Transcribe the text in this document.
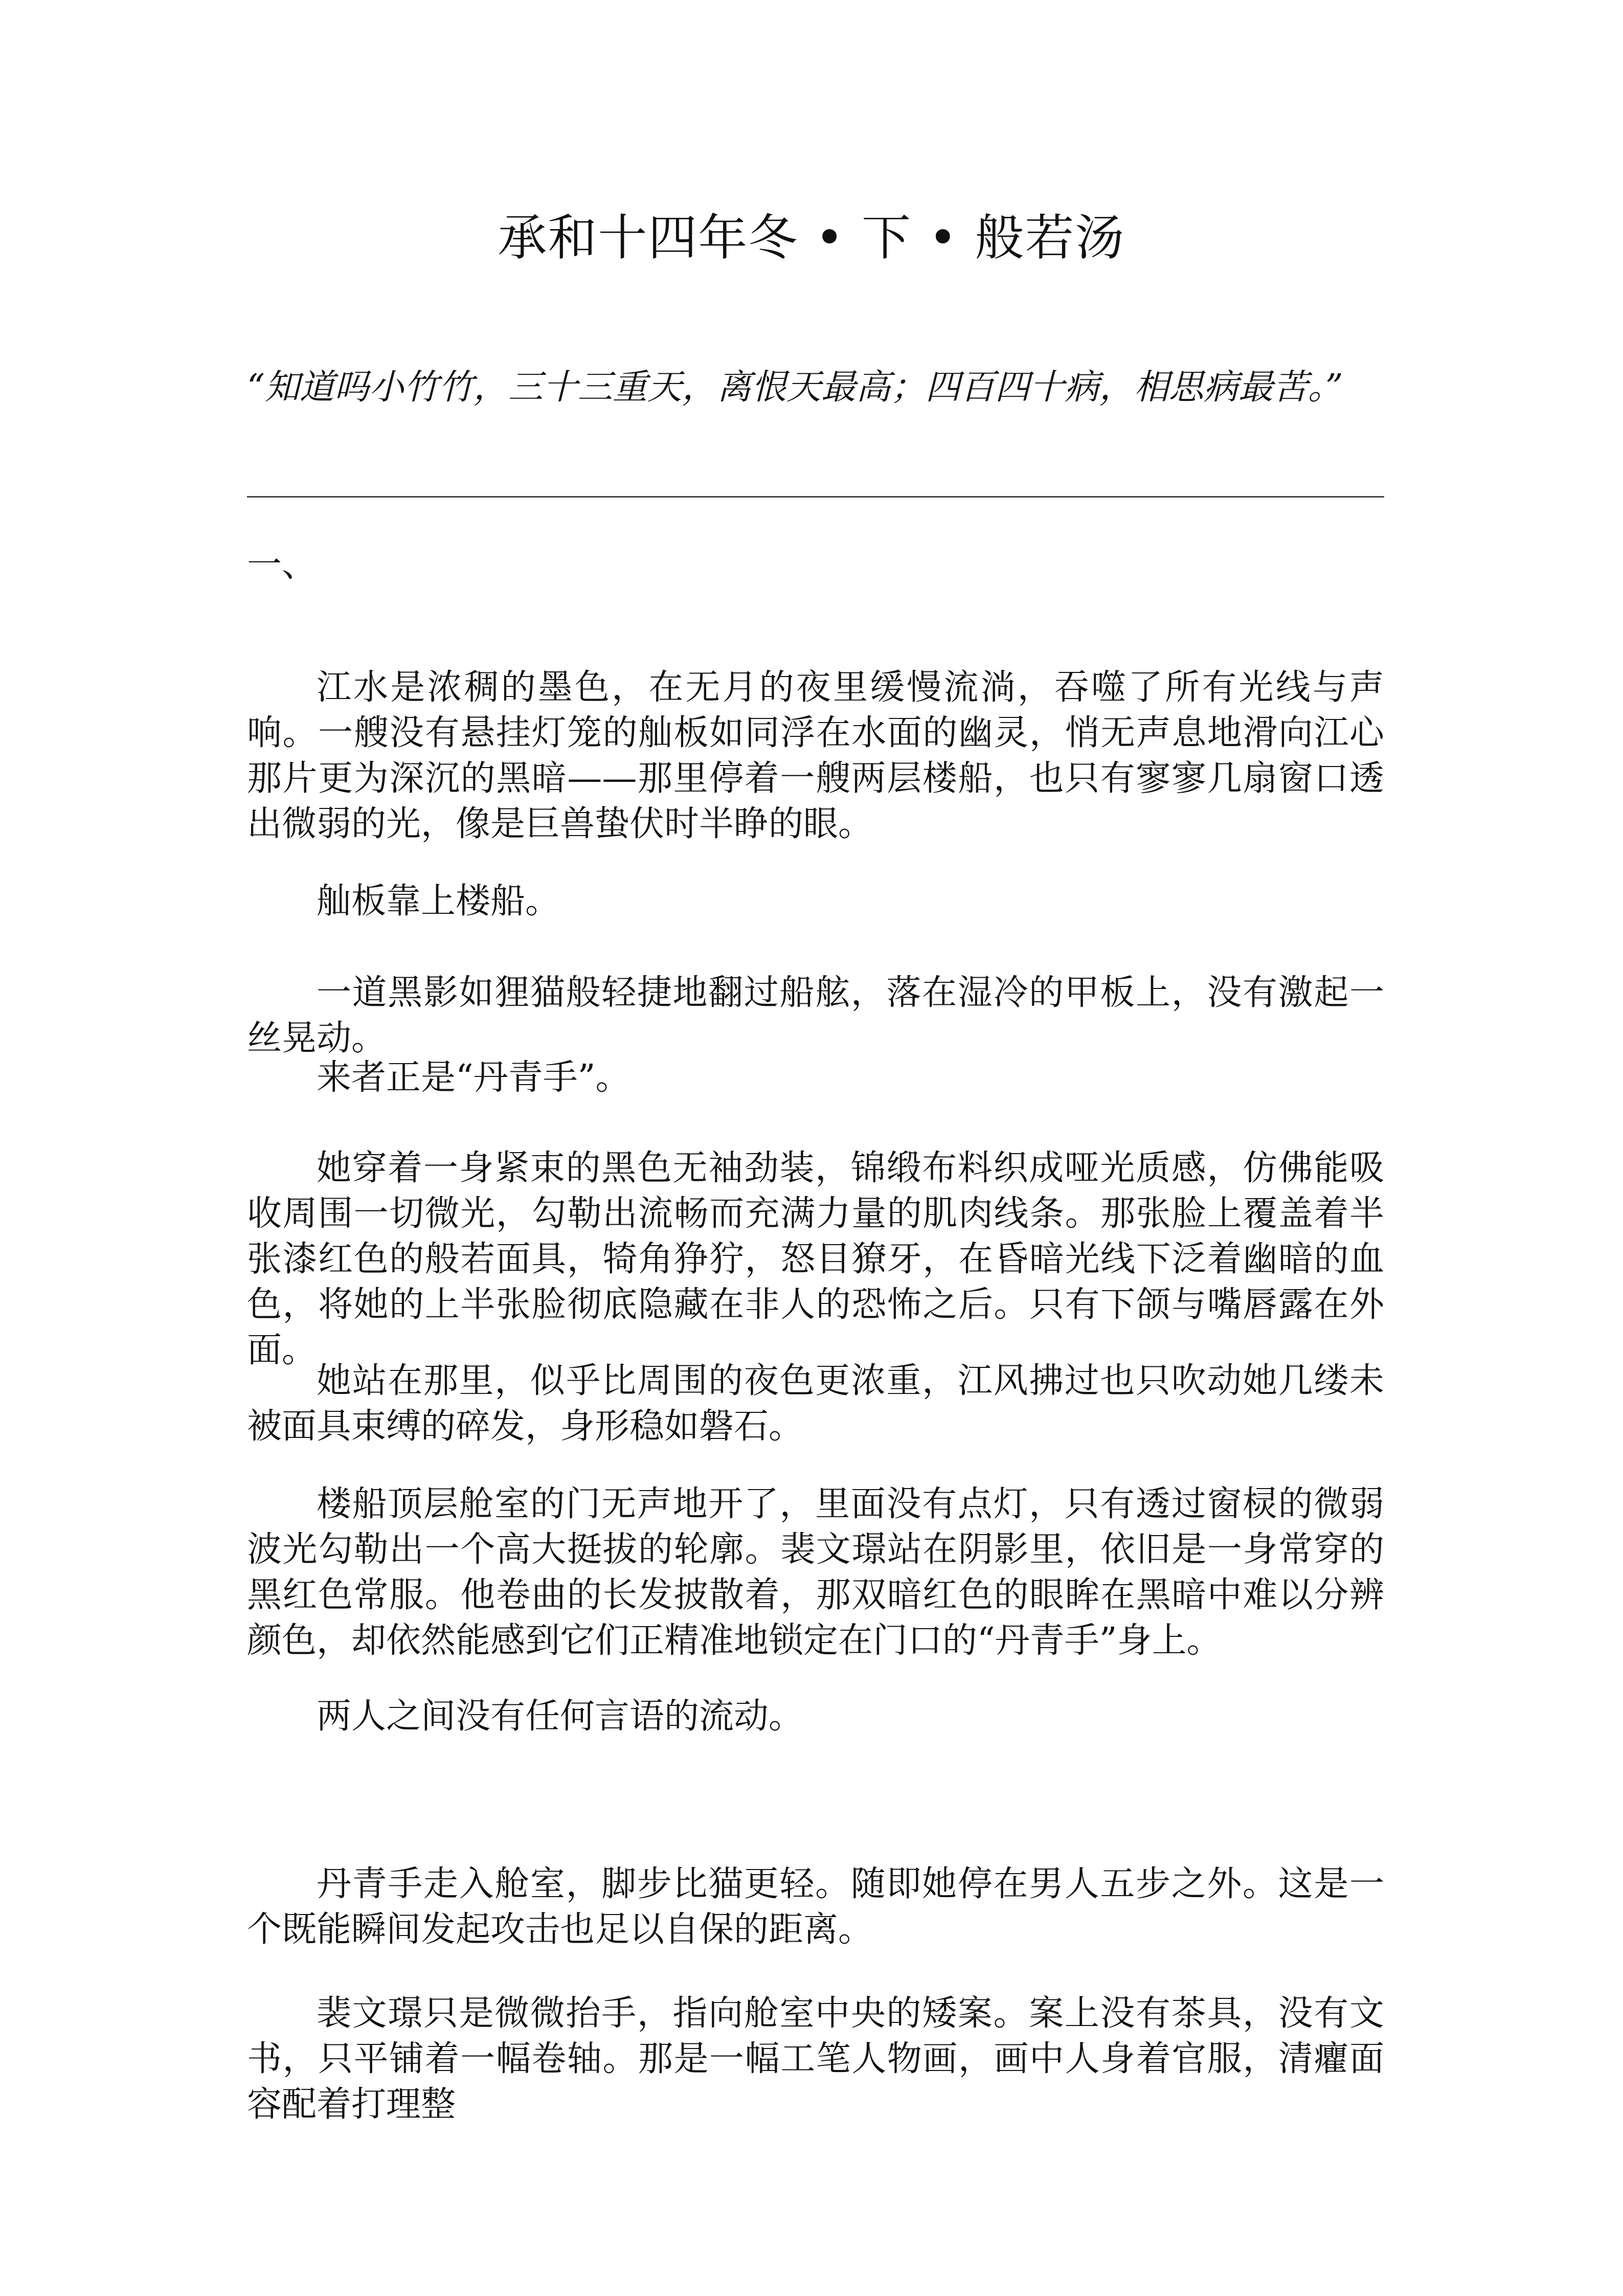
承和十四年冬 • 下 • 般若汤

“知道吗小竹竹，三十三重天，离恨天最高；四百四十病，相思病最苦。”

一、

江水是浓稠的墨色，在无月的夜里缓慢流淌，吞噬了所有光线与声响。一艘没有悬挂灯笼的舢板如同浮在水面的幽灵，悄无声息地滑向江心那片更为深沉的黑暗——那里停着一艘两层楼船，也只有寥寥几扇窗口透出微弱的光，像是巨兽蛰伏时半睁的眼。

舢板靠上楼船。

一道黑影如狸猫般轻捷地翻过船舷，落在湿冷的甲板上，没有激起一丝晃动。

来者正是“丹青手”。

她穿着一身紧束的黑色无袖劲装，锦缎布料织成哑光质感，仿佛能吸收周围一切微光，勾勒出流畅而充满力量的肌肉线条。那张脸上覆盖着半张漆红色的般若面具，犄角狰狞，怒目獠牙，在昏暗光线下泛着幽暗的血色，将她的上半张脸彻底隐藏在非人的恐怖之后。只有下颌与嘴唇露在外面。

她站在那里，似乎比周围的夜色更浓重，江风拂过也只吹动她几缕未被面具束缚的碎发，身形稳如磐石。

楼船顶层舱室的门无声地开了，里面没有点灯，只有透过窗棂的微弱波光勾勒出一个高大挺拔的轮廓。裴文璟站在阴影里，依旧是一身常穿的黑红色常服。他卷曲的长发披散着，那双暗红色的眼眸在黑暗中难以分辨颜色，却依然能感到它们正精准地锁定在门口的“丹青手”身上。

两人之间没有任何言语的流动。

丹青手走入舱室，脚步比猫更轻。随即她停在男人五步之外。这是一个既能瞬间发起攻击也足以自保的距离。

裴文璟只是微微抬手，指向舱室中央的矮案。案上没有茶具，没有文书，只平铺着一幅卷轴。那是一幅工笔人物画，画中人身着官服，清癯面容配着打理整
